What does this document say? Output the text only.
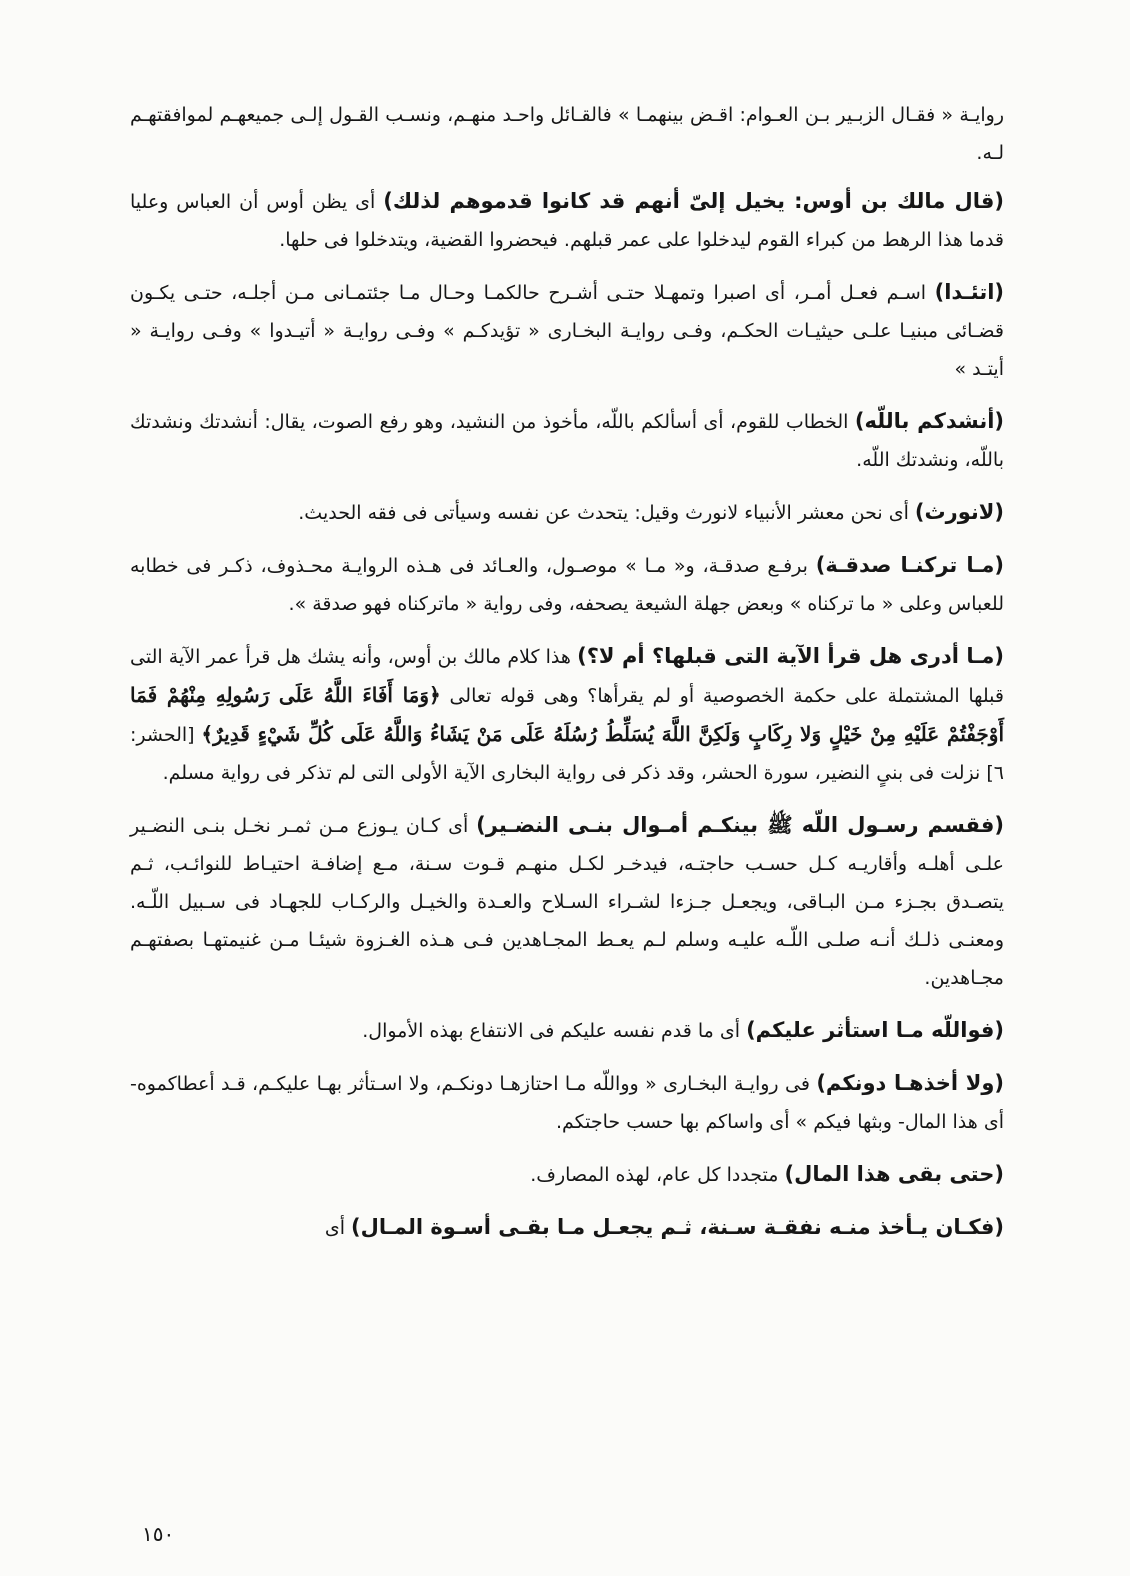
روايـة « فقـال الزبـير بـن العـوام: اقـض بينهمـا » فالقـائل واحـد منهـم، ونسـب القـول إلـى جميعهـم لموافقتهـم لـه.

(قال مالك بن أوس: يخيل إلىّ أنهم قد كانوا قدموهم لذلك) أى يظن أوس أن العباس وعليا قدما هذا الرهط من كبراء القوم ليدخلوا على عمر قبلهم. فيحضروا القضية، ويتدخلوا فى حلها.

(اتئـدا) اسـم فعـل أمـر، أى اصبرا وتمهـلا حتـى أشـرح حالكمـا وحـال مـا جئتمـانى مـن أجلـه، حتـى يكـون قضـائى مبنيـا علـى حيثيـات الحكـم، وفـى روايـة البخـارى « تؤيدكـم » وفـى روايـة « أتيـدوا » وفـى روايـة « أيتـد »

(أنشدكم باللّه) الخطاب للقوم، أى أسألكم باللّه، مأخوذ من النشيد، وهو رفع الصوت، يقال: أنشدتك ونشدتك باللّه، ونشدتك اللّه.

(لانورث) أى نحن معشر الأنبياء لانورث وقيل: يتحدث عن نفسه وسيأتى فى فقه الحديث.

(مـا تركنـا صدقـة) برفـع صدقـة، و« مـا » موصـول، والعـائد فى هـذه الروايـة محـذوف، ذكـر فى خطابه للعباس وعلى « ما تركناه » وبعض جهلة الشيعة يصحفه، وفى رواية « ماتركناه فهو صدقة ».

(مـا أدرى هل قرأ الآية التى قبلها؟ أم لا؟) هذا كلام مالك بن أوس، وأنه يشك هل قرأ عمر الآية التى قبلها المشتملة على حكمة الخصوصية أو لم يقرأها؟ وهى قوله تعالى ﴿وَمَا أَفَاءَ اللَّهُ عَلَى رَسُولِهِ مِنْهُمْ فَمَا أَوْجَفْتُمْ عَلَيْهِ مِنْ خَيْلٍ وَلا رِكَابٍ وَلَكِنَّ اللَّهَ يُسَلِّطُ رُسُلَهُ عَلَى مَنْ يَشَاءُ وَاللَّهُ عَلَى كُلِّ شَيْءٍ قَدِيرٌ﴾ [الحشر: ٦] نزلت فى بنىٍ النضير، سورة الحشر، وقد ذكر فى رواية البخارى الآية الأولى التى لم تذكر فى رواية مسلم.

(فقسم رسـول اللّه ﷺ بينكـم أمـوال بنـى النضـير) أى كـان يـوزع مـن ثمـر نخـل بنـى النضـير علـى أهلـه وأقاريـه كـل حسـب حاجتـه، فيدخـر لكـل منهـم قـوت سـنة، مـع إضافـة احتيـاط للنوائـب، ثـم يتصـدق بجـزء مـن البـاقى، ويجعـل جـزءا لشـراء السـلاح والعـدة والخيـل والركـاب للجهـاد فى سـبيل اللّـه. ومعنـى ذلـك أنـه صلـى اللّـه عليـه وسلم لـم يعـط المجـاهدين فـى هـذه الغـزوة شيئـا مـن غنيمتهـا بصفتهـم مجـاهدين.

(فواللّه مـا استأثر عليكم) أى ما قدم نفسه عليكم فى الانتفاع بهذه الأموال.

(ولا أخذهـا دونكم) فى روايـة البخـارى « وواللّه مـا احتازهـا دونكـم، ولا اسـتأثر بهـا عليكـم، قـد أعطاكموه- أى هذا المال- وبثها فيكم » أى واساكم بها حسب حاجتكم.

(حتى بقى هذا المال) متجددا كل عام، لهذه المصارف.

(فكـان يـأخذ منـه نفقـة سـنة، ثـم يجعـل مـا بقـى أسـوة المـال) أى

١٥٠
